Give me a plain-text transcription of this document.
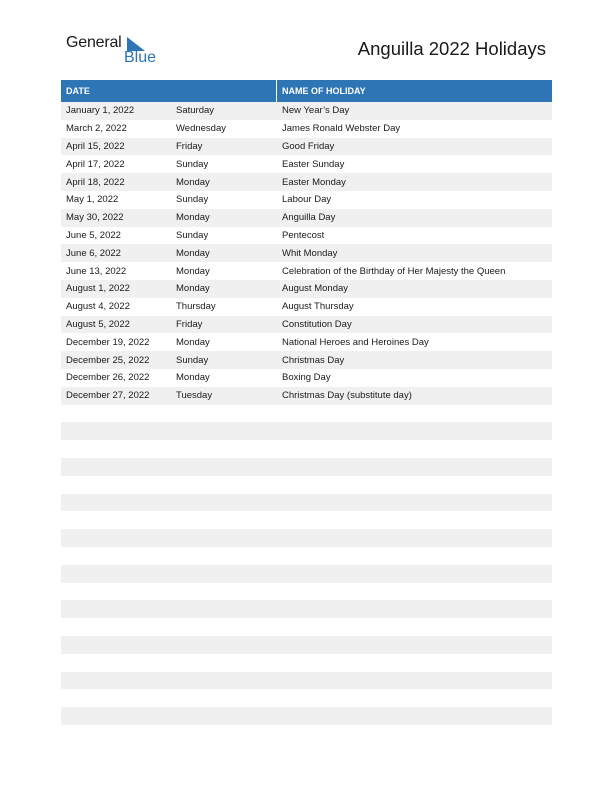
General
Blue	Anguilla 2022 Holidays
DATE	NAME OF HOLIDAY
January 1, 2022	Saturday	New Year’s Day
March 2, 2022	Wednesday	James Ronald Webster Day
April 15, 2022	Friday	Good Friday
April 17, 2022	Sunday	Easter Sunday
April 18, 2022	Monday	Easter Monday
May 1, 2022	Sunday	Labour Day
May 30, 2022	Monday	Anguilla Day
June 5, 2022	Sunday	Pentecost
June 6, 2022	Monday	Whit Monday
June 13, 2022	Monday	Celebration of the Birthday of Her Majesty the Queen
August 1, 2022	Monday	August Monday
August 4, 2022	Thursday	August Thursday
August 5, 2022	Friday	Constitution Day
December 19, 2022	Monday	National Heroes and Heroines Day
December 25, 2022	Sunday	Christmas Day
December 26, 2022	Monday	Boxing Day
December 27, 2022	Tuesday	Christmas Day (substitute day)
